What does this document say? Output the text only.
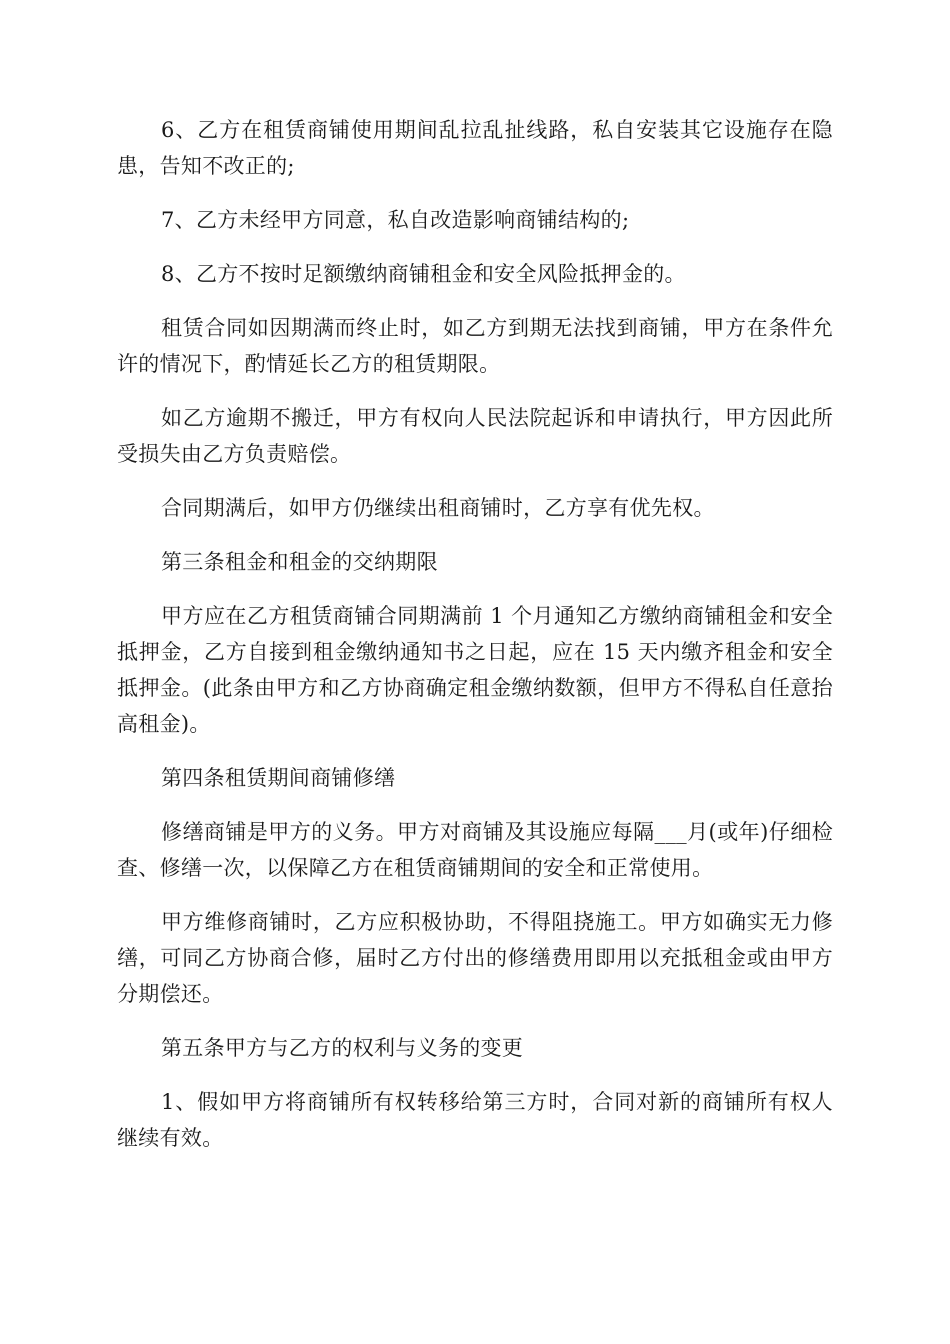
6、乙方在租赁商铺使用期间乱拉乱扯线路，私自安装其它设施存在隐患，告知不改正的;

7、乙方未经甲方同意，私自改造影响商铺结构的;

8、乙方不按时足额缴纳商铺租金和安全风险抵押金的。

租赁合同如因期满而终止时，如乙方到期无法找到商铺，甲方在条件允许的情况下，酌情延长乙方的租赁期限。

如乙方逾期不搬迁，甲方有权向人民法院起诉和申请执行，甲方因此所受损失由乙方负责赔偿。

合同期满后，如甲方仍继续出租商铺时，乙方享有优先权。

第三条租金和租金的交纳期限

甲方应在乙方租赁商铺合同期满前 1 个月通知乙方缴纳商铺租金和安全抵押金，乙方自接到租金缴纳通知书之日起，应在 15 天内缴齐租金和安全抵押金。(此条由甲方和乙方协商确定租金缴纳数额，但甲方不得私自任意抬高租金)。

第四条租赁期间商铺修缮

修缮商铺是甲方的义务。甲方对商铺及其设施应每隔___月(或年)仔细检查、修缮一次，以保障乙方在租赁商铺期间的安全和正常使用。

甲方维修商铺时，乙方应积极协助，不得阻挠施工。甲方如确实无力修缮，可同乙方协商合修，届时乙方付出的修缮费用即用以充抵租金或由甲方分期偿还。

第五条甲方与乙方的权利与义务的变更

1、假如甲方将商铺所有权转移给第三方时，合同对新的商铺所有权人继续有效。
